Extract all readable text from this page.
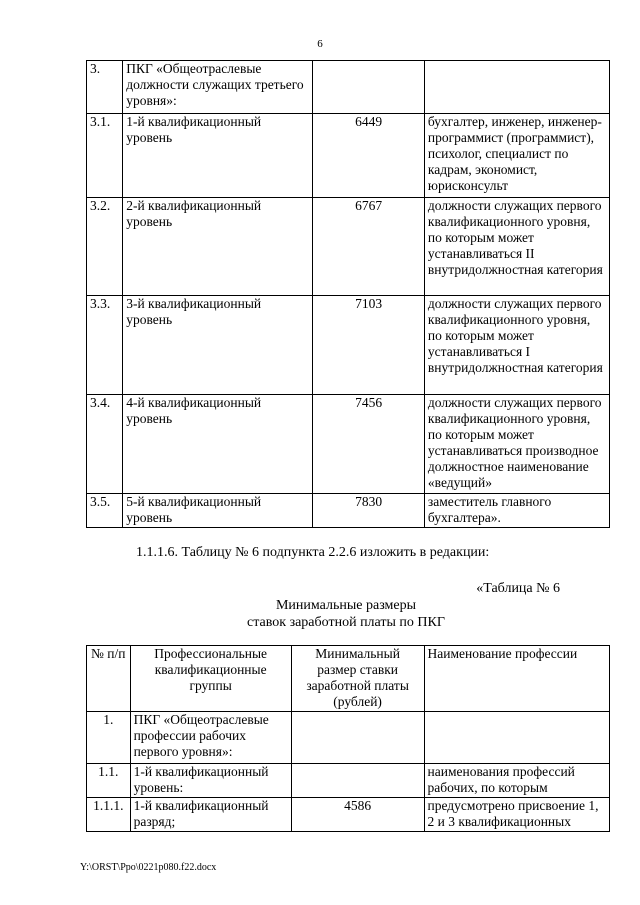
6
3.	ПКГ «Общеотраслевые должности служащих третьего уровня»:		
3.1.	1-й квалификационный уровень	6449	бухгалтер, инженер, инженер-программист (программист), психолог, специалист по кадрам, экономист, юрисконсульт
3.2.	2-й квалификационный уровень	6767	должности служащих первого квалификационного уровня, по которым может устанавливаться II внутридолжностная категория
3.3.	3-й квалификационный уровень	7103	должности служащих первого квалификационного уровня, по которым может устанавливаться I внутридолжностная категория
3.4.	4-й квалификационный уровень	7456	должности служащих первого квалификационного уровня, по которым может устанавливаться производное должностное наименование «ведущий»
3.5.	5-й квалификационный уровень	7830	заместитель главного бухгалтера».
1.1.1.6. Таблицу № 6 подпункта 2.2.6 изложить в редакции:
«Таблица № 6
Минимальные размеры
ставок заработной платы по ПКГ
№ п/п	Профессиональные квалификационные группы	Минимальный размер ставки заработной платы (рублей)	Наименование профессии
1.	ПКГ «Общеотраслевые профессии рабочих первого уровня»:		
1.1.	1-й квалификационный уровень:		наименования профессий рабочих, по которым
1.1.1.	1-й квалификационный разряд;	4586	предусмотрено присвоение 1, 2 и 3 квалификационных
Y:\ORST\Ppo\0221p080.f22.docx
